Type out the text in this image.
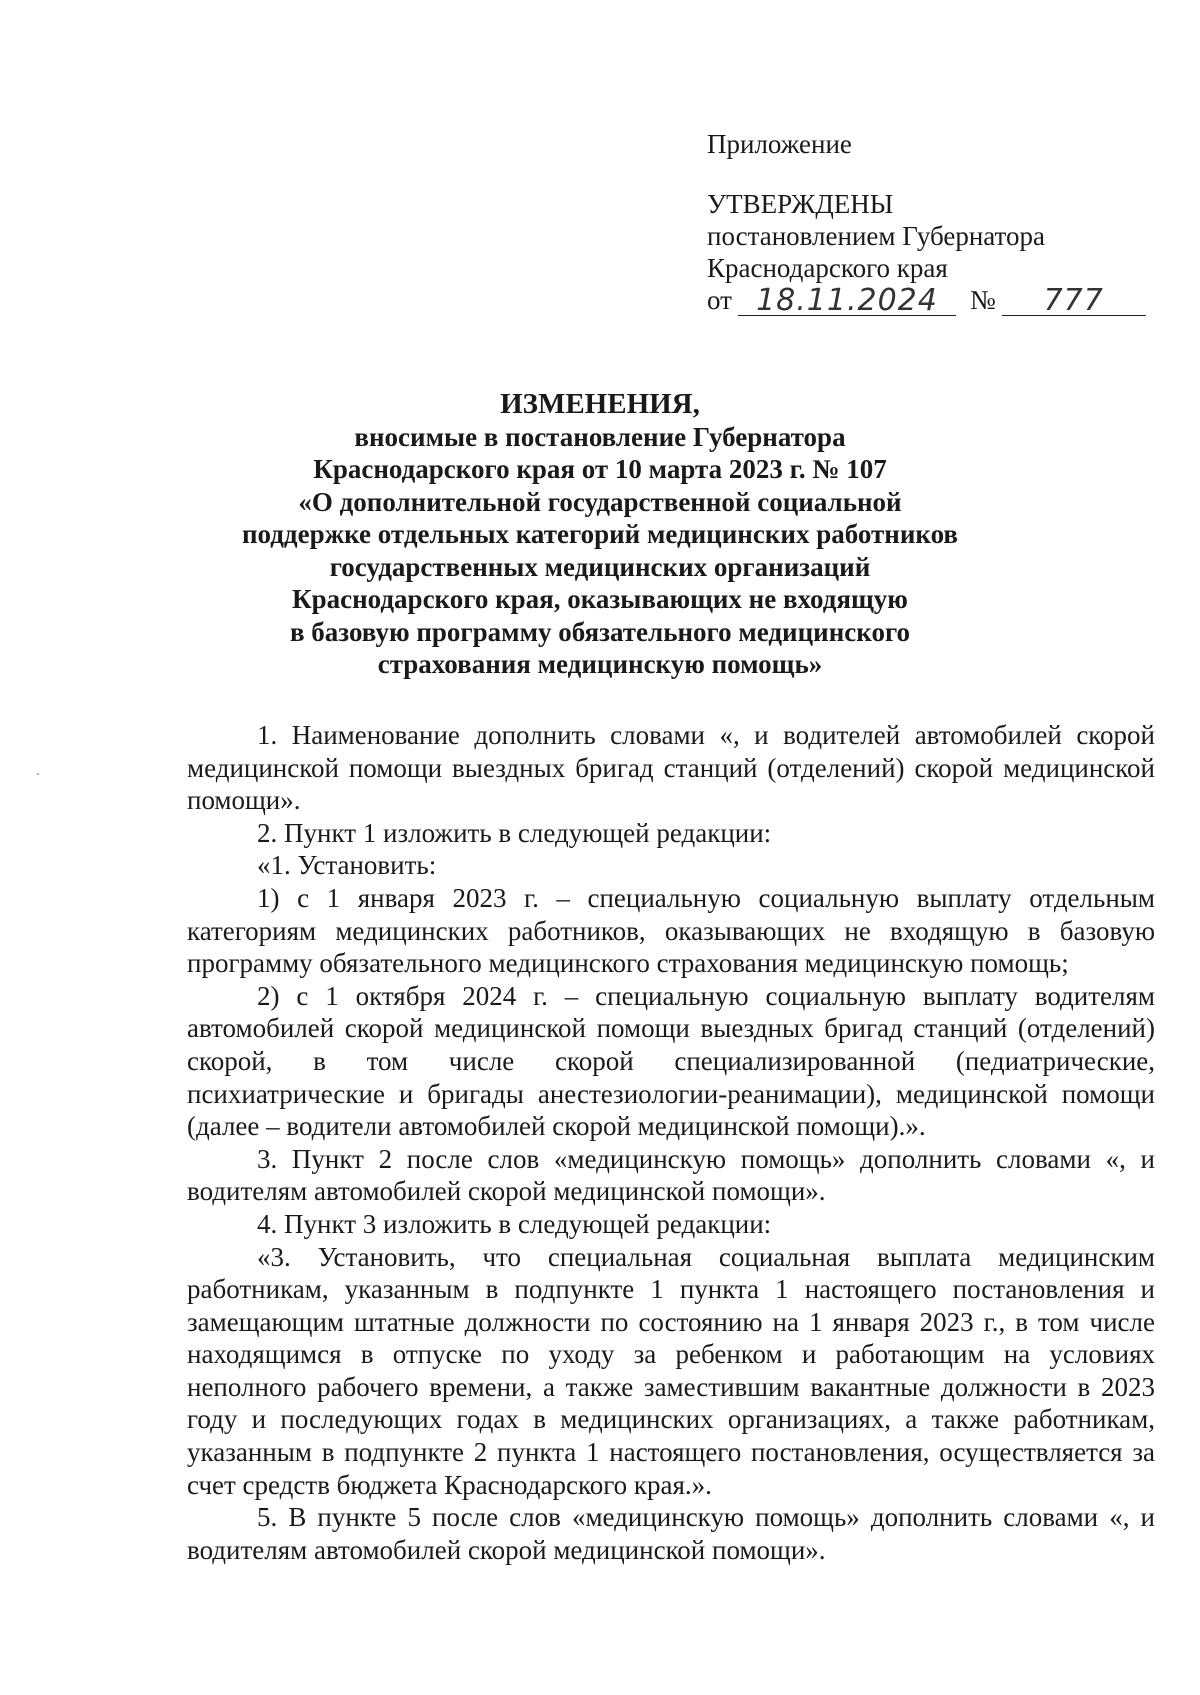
Приложение
УТВЕРЖДЕНЫ
постановлением Губернатора
Краснодарского края
от 18.11.2024	№	777
ИЗМЕНЕНИЯ,
вносимые в постановление Губернатора
Краснодарского края от 10 марта 2023 г. № 107
«О дополнительной государственной социальной
поддержке отдельных категорий медицинских работников
государственных медицинских организаций
Краснодарского края, оказывающих не входящую
в базовую программу обязательного медицинского
страхования медицинскую помощь»

1. Наименование дополнить словами «, и водителей автомобилей скорой медицинской помощи выездных бригад станций (отделений) скорой медицинской помощи».

2. Пункт 1 изложить в следующей редакции:

«1. Установить:

1) с 1 января 2023 г. – специальную социальную выплату отдельным категориям медицинских работников, оказывающих не входящую в базовую программу обязательного медицинского страхования медицинскую помощь;

2) с 1 октября 2024 г. – специальную социальную выплату водителям автомобилей скорой медицинской помощи выездных бригад станций (отделений) скорой, в том числе скорой специализированной (педиатрические, психиатрические и бригады анестезиологии-реанимации), медицинской помощи (далее – водители автомобилей скорой медицинской помощи).».

3. Пункт 2 после слов «медицинскую помощь» дополнить словами «, и водителям автомобилей скорой медицинской помощи».

4. Пункт 3 изложить в следующей редакции:

«3. Установить, что специальная социальная выплата медицинским работникам, указанным в подпункте 1 пункта 1 настоящего постановления и замещающим штатные должности по состоянию на 1 января 2023 г., в том числе находящимся в отпуске по уходу за ребенком и работающим на условиях неполного рабочего времени, а также заместившим вакантные должности в 2023 году и последующих годах в медицинских организациях, а также работникам, указанным в подпункте 2 пункта 1 настоящего постановления, осуществляется за счет средств бюджета Краснодарского края.».

5. В пункте 5 после слов «медицинскую помощь» дополнить словами «, и водителям автомобилей скорой медицинской помощи».
